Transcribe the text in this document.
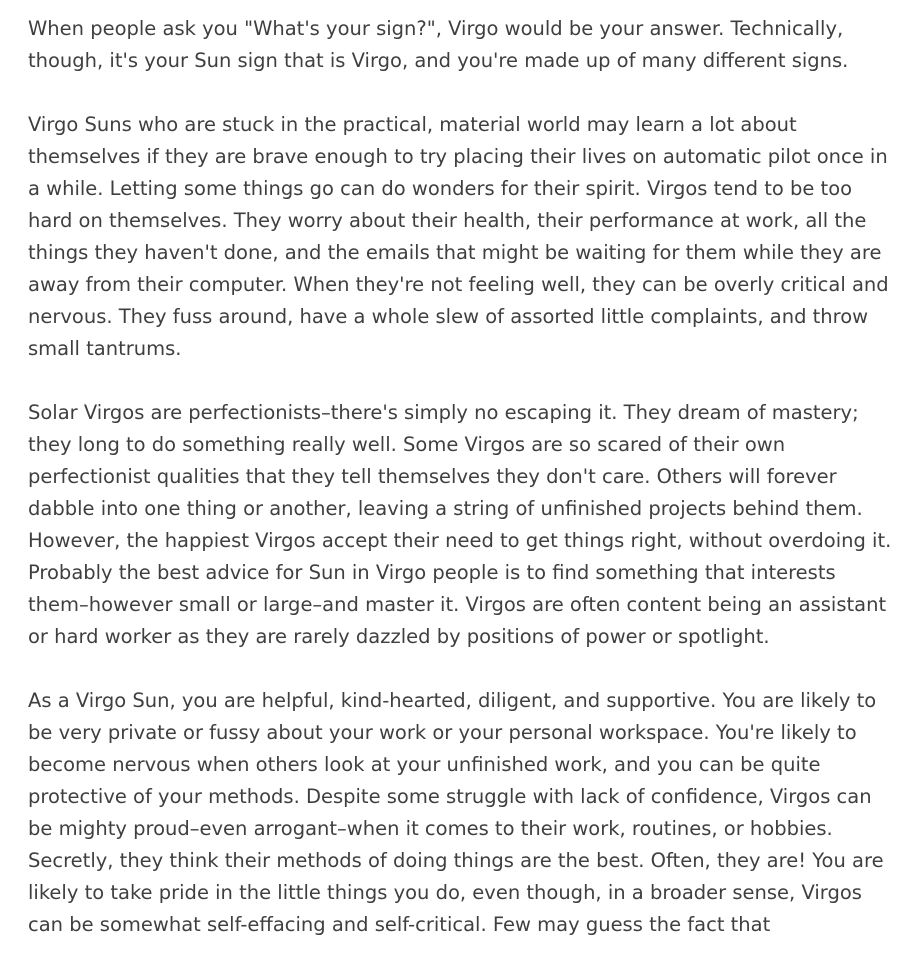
When people ask you "What's your sign?", Virgo would be your answer. Technically, though, it's your Sun sign that is Virgo, and you're made up of many different signs.

Virgo Suns who are stuck in the practical, material world may learn a lot about themselves if they are brave enough to try placing their lives on automatic pilot once in a while. Letting some things go can do wonders for their spirit. Virgos tend to be too hard on themselves. They worry about their health, their performance at work, all the things they haven't done, and the emails that might be waiting for them while they are away from their computer. When they're not feeling well, they can be overly critical and nervous. They fuss around, have a whole slew of assorted little complaints, and throw small tantrums.

Solar Virgos are perfectionists–there's simply no escaping it. They dream of mastery; they long to do something really well. Some Virgos are so scared of their own perfectionist qualities that they tell themselves they don't care. Others will forever dabble into one thing or another, leaving a string of unfinished projects behind them. However, the happiest Virgos accept their need to get things right, without overdoing it. Probably the best advice for Sun in Virgo people is to find something that interests them–however small or large–and master it. Virgos are often content being an assistant or hard worker as they are rarely dazzled by positions of power or spotlight.

As a Virgo Sun, you are helpful, kind-hearted, diligent, and supportive. You are likely to be very private or fussy about your work or your personal workspace. You're likely to become nervous when others look at your unfinished work, and you can be quite protective of your methods. Despite some struggle with lack of confidence, Virgos can be mighty proud–even arrogant–when it comes to their work, routines, or hobbies. Secretly, they think their methods of doing things are the best. Often, they are! You are likely to take pride in the little things you do, even though, in a broader sense, Virgos can be somewhat self-effacing and self-critical. Few may guess the fact that
